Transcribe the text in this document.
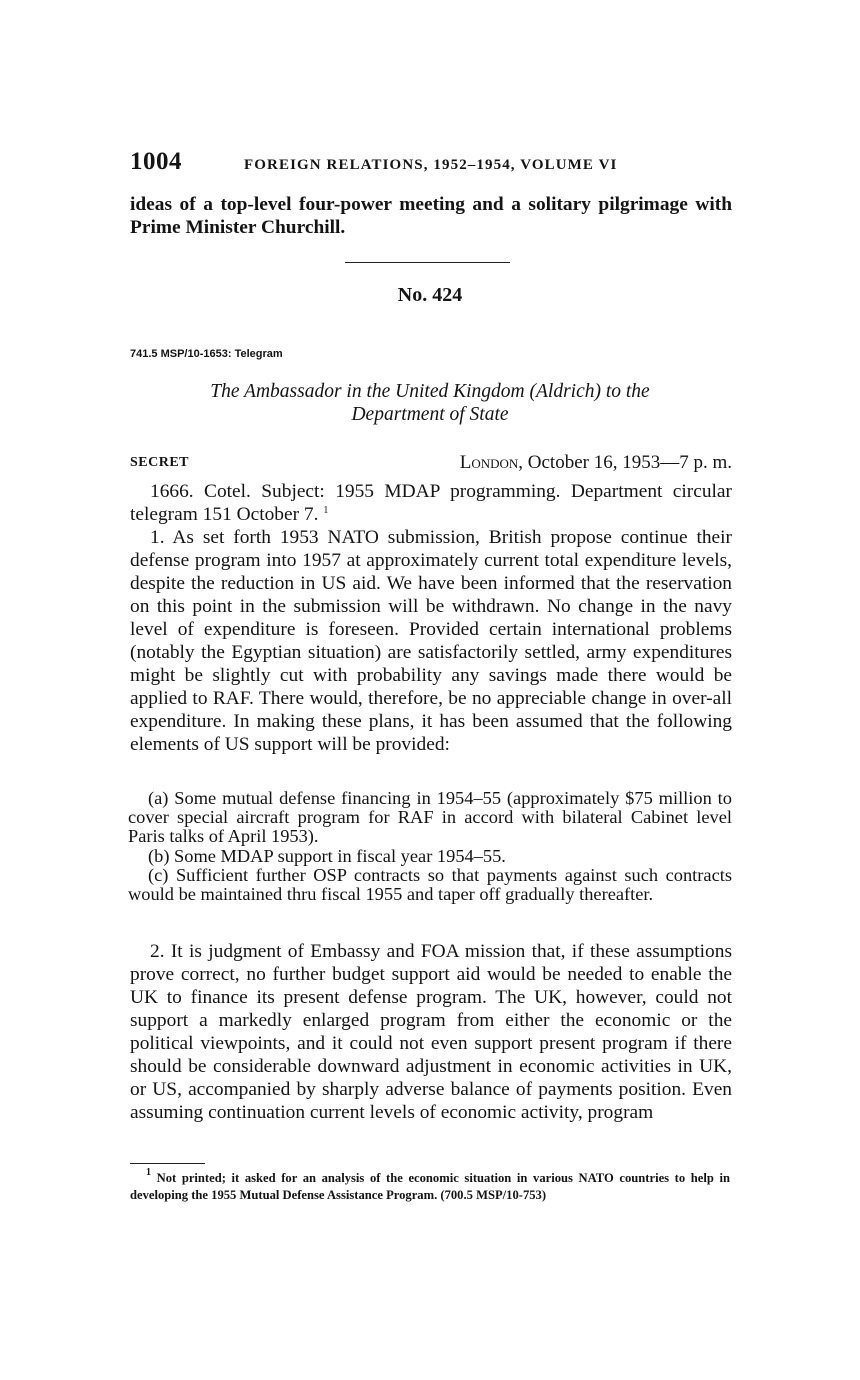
1004	FOREIGN RELATIONS, 1952–1954, VOLUME VI

ideas of a top-level four-power meeting and a solitary pilgrimage with Prime Minister Churchill.

No. 424
741.5 MSP/10-1653: Telegram
The Ambassador in the United Kingdom (Aldrich) to the Department of State
SECRET	London, October 16, 1953—7 p. m.

1666. Cotel. Subject: 1955 MDAP programming. Department circular telegram 151 October 7. $^1$

1. As set forth 1953 NATO submission, British propose continue their defense program into 1957 at approximately current total expenditure levels, despite the reduction in US aid. We have been informed that the reservation on this point in the submission will be withdrawn. No change in the navy level of expenditure is foreseen. Provided certain international problems (notably the Egyptian situation) are satisfactorily settled, army expenditures might be slightly cut with probability any savings made there would be applied to RAF. There would, therefore, be no appreciable change in over-all expenditure. In making these plans, it has been assumed that the following elements of US support will be provided:

(a) Some mutual defense financing in 1954–55 (approximately $75 million to cover special aircraft program for RAF in accord with bilateral Cabinet level Paris talks of April 1953).

(b) Some MDAP support in fiscal year 1954–55.

(c) Sufficient further OSP contracts so that payments against such contracts would be maintained thru fiscal 1955 and taper off gradually thereafter.

2. It is judgment of Embassy and FOA mission that, if these assumptions prove correct, no further budget support aid would be needed to enable the UK to finance its present defense program. The UK, however, could not support a markedly enlarged program from either the economic or the political viewpoints, and it could not even support present program if there should be considerable downward adjustment in economic activities in UK, or US, accompanied by sharply adverse balance of payments position. Even assuming continuation current levels of economic activity, program

$^1$ Not printed; it asked for an analysis of the economic situation in various NATO countries to help in developing the 1955 Mutual Defense Assistance Program. (700.5 MSP/10-753)
